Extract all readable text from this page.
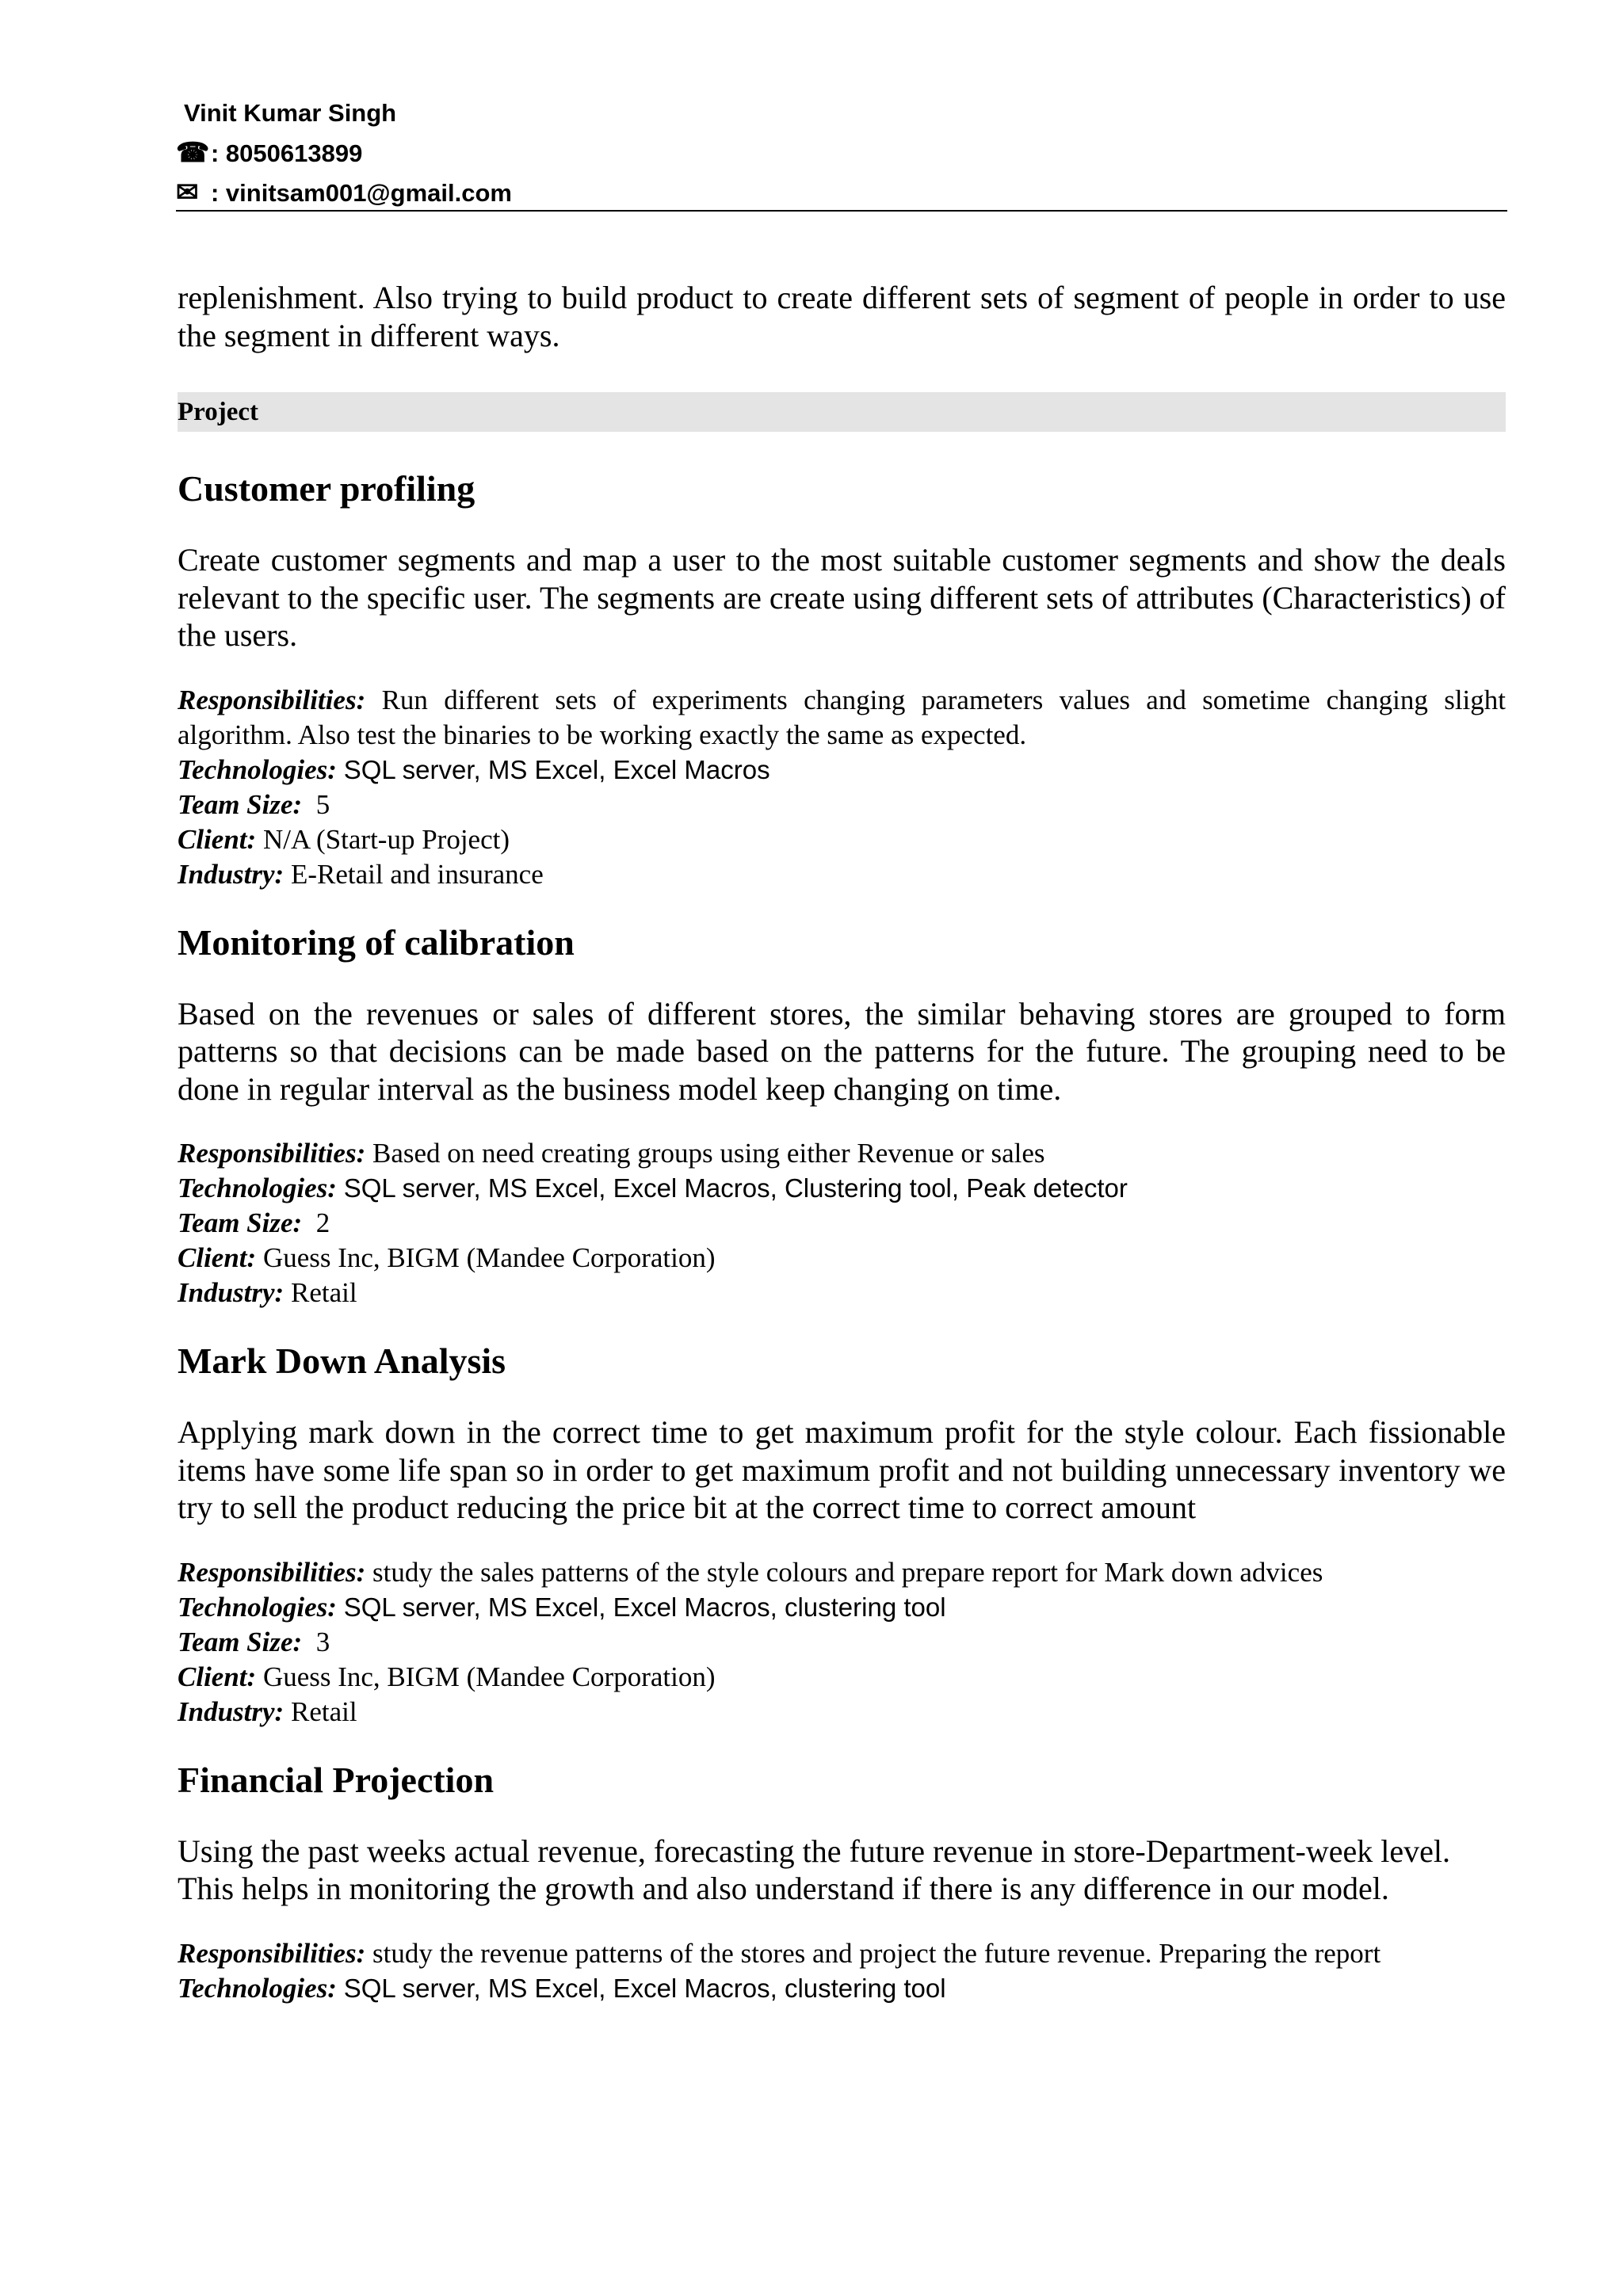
Vinit Kumar Singh
☎: 8050613899
✉ : vinitsam001@gmail.com

replenishment. Also trying to build product to create different sets of segment of people in order to use the segment in different ways.

Project
Customer profiling

Create customer segments and map a user to the most suitable customer segments and show the deals relevant to the specific user. The segments are create using different sets of attributes (Characteristics) of the users.

Responsibilities: Run different sets of experiments changing parameters values and sometime changing slight algorithm. Also test the binaries to be working exactly the same as expected.

Technologies: SQL server, MS Excel, Excel Macros

Team Size: 5

Client: N/A (Start-up Project)

Industry: E-Retail and insurance

Monitoring of calibration

Based on the revenues or sales of different stores, the similar behaving stores are grouped to form patterns so that decisions can be made based on the patterns for the future. The grouping need to be done in regular interval as the business model keep changing on time.

Responsibilities: Based on need creating groups using either Revenue or sales

Technologies: SQL server, MS Excel, Excel Macros, Clustering tool, Peak detector

Team Size: 2

Client: Guess Inc, BIGM (Mandee Corporation)

Industry: Retail

Mark Down Analysis

Applying mark down in the correct time to get maximum profit for the style colour. Each fissionable items have some life span so in order to get maximum profit and not building unnecessary inventory we try to sell the product reducing the price bit at the correct time to correct amount

Responsibilities: study the sales patterns of the style colours and prepare report for Mark down advices

Technologies: SQL server, MS Excel, Excel Macros, clustering tool

Team Size: 3

Client: Guess Inc, BIGM (Mandee Corporation)

Industry: Retail

Financial Projection

Using the past weeks actual revenue, forecasting the future revenue in store-Department-week level. This helps in monitoring the growth and also understand if there is any difference in our model.

Responsibilities: study the revenue patterns of the stores and project the future revenue. Preparing the report

Technologies: SQL server, MS Excel, Excel Macros, clustering tool
